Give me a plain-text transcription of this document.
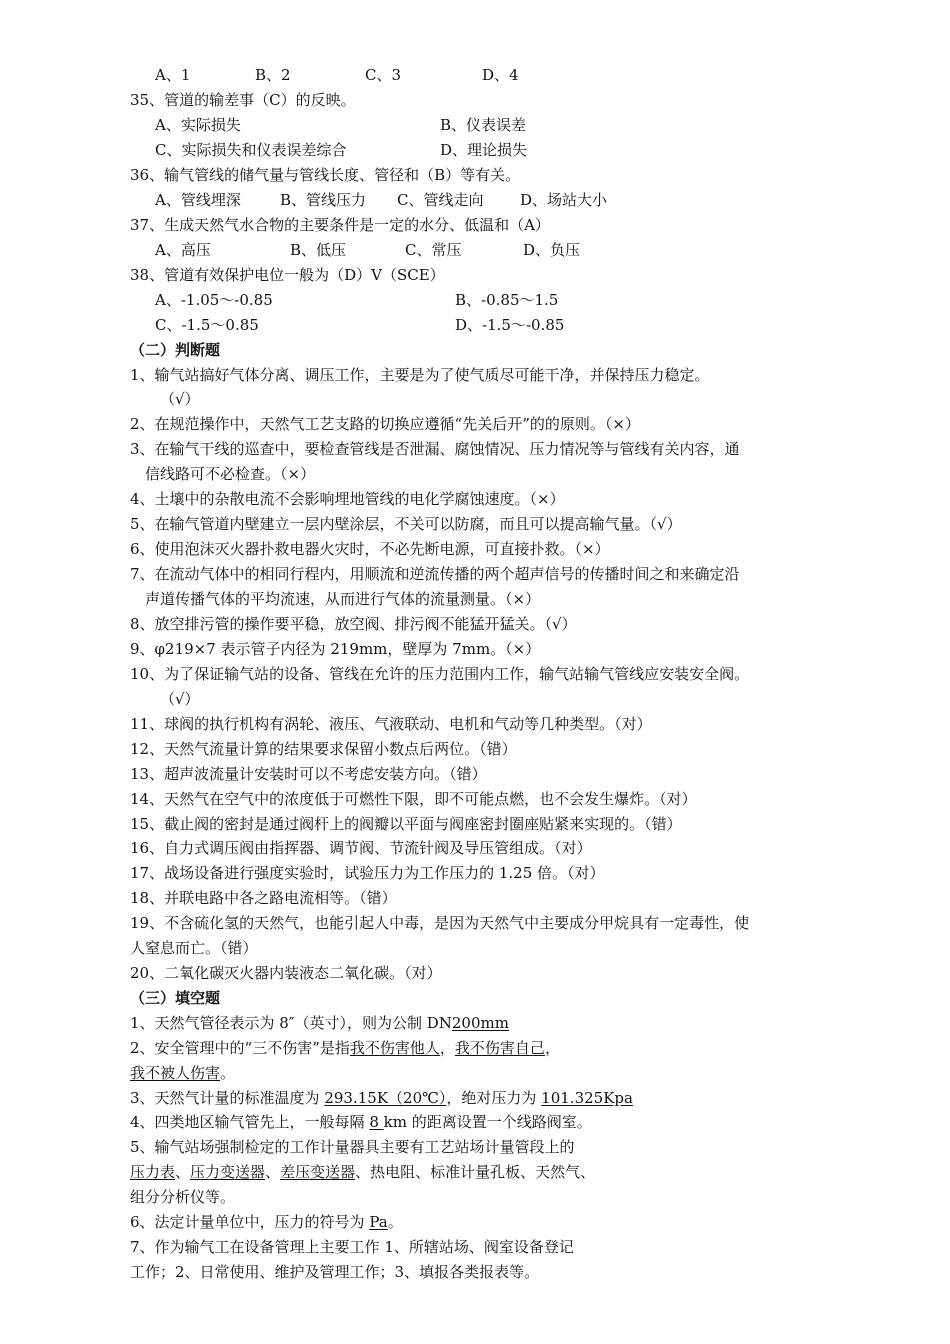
A、1	B、2	C、3	D、4
35、管道的输差事（C）的反映。
A、实际损失	B、仪表误差
C、实际损失和仪表误差综合	D、理论损失
36、输气管线的储气量与管线长度、管径和（B）等有关。
A、管线埋深	B、管线压力 C、管线走向 D、场站大小
37、生成天然气水合物的主要条件是一定的水分、低温和（A）
A、高压	B、低压	C、常压	D、负压
38、管道有效保护电位一般为（D）V（SCE）
A、-1.05～-0.85	B、-0.85～1.5
C、-1.5～0.85	D、-1.5～-0.85
（二）判断题
1、输气站搞好气体分离、调压工作，主要是为了使气质尽可能干净，并保持压力稳定。
（√）
2、在规范操作中，天然气工艺支路的切换应遵循“先关后开”的的原则。（×）
3、在输气干线的巡查中，要检查管线是否泄漏、腐蚀情况、压力情况等与管线有关内容，通
信线路可不必检查。（×）
4、土壤中的杂散电流不会影响埋地管线的电化学腐蚀速度。（×）
5、在输气管道内壁建立一层内壁涂层，不关可以防腐，而且可以提高输气量。（√）
6、使用泡沫灭火器扑救电器火灾时，不必先断电源，可直接扑救。（×）
7、在流动气体中的相同行程内，用顺流和逆流传播的两个超声信号的传播时间之和来确定沿
声道传播气体的平均流速，从而进行气体的流量测量。（×）
8、放空排污管的操作要平稳，放空阀、排污阀不能猛开猛关。（√）
9、φ219×7 表示管子内径为 219mm，壁厚为 7mm。（×）
10、为了保证输气站的设备、管线在允许的压力范围内工作，输气站输气管线应安装安全阀。
（√）
11、球阀的执行机构有涡轮、液压、气液联动、电机和气动等几种类型。（对）
12、天然气流量计算的结果要求保留小数点后两位。（错）
13、超声波流量计安装时可以不考虑安装方向。（错）
14、天然气在空气中的浓度低于可燃性下限，即不可能点燃，也不会发生爆炸。（对）
15、截止阀的密封是通过阀杆上的阀瓣以平面与阀座密封圈座贴紧来实现的。（错）
16、自力式调压阀由指挥器、调节阀、节流针阀及导压管组成。（对）
17、战场设备进行强度实验时，试验压力为工作压力的 1.25 倍。（对）
18、并联电路中各之路电流相等。（错）
19、不含硫化氢的天然气，也能引起人中毒，是因为天然气中主要成分甲烷具有一定毒性，使
人窒息而亡。（错）
20、二氧化碳灭火器内装液态二氧化碳。（对）
（三）填空题
1、天然气管径表示为 8″（英寸），则为公制 DN200mm
2、安全管理中的“三不伤害”是指我不伤害他人，我不伤害自己，
我不被人伤害。
3、天然气计量的标准温度为 293.15K（20℃），绝对压力为 101.325Kpa
4、四类地区输气管先上，一般每隔 8 km 的距离设置一个线路阀室。
5、输气站场强制检定的工作计量器具主要有工艺站场计量管段上的
压力表、压力变送器、差压变送器、热电阻、标准计量孔板、天然气、
组分分析仪等。
6、法定计量单位中，压力的符号为 Pa。
7、作为输气工在设备管理上主要工作 1、所辖站场、阀室设备登记
工作；2、日常使用、维护及管理工作；3、填报各类报表等。
